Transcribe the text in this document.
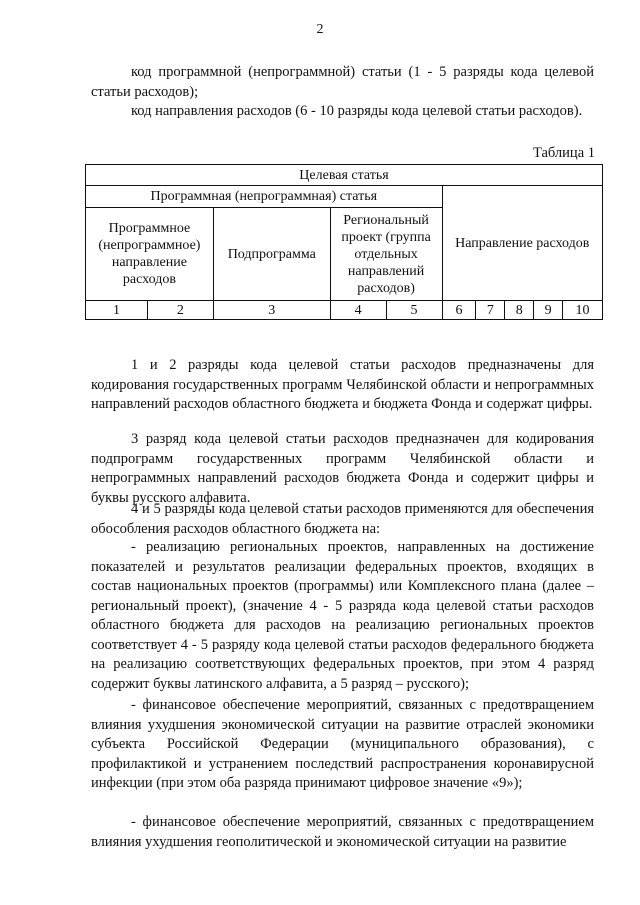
2

код программной (непрограммной) статьи (1 - 5 разряды кода целевой статьи расходов);

код направления расходов (6 - 10 разряды кода целевой статьи расходов).

Таблица 1
Целевая статья									
Программная (непрограммная) статья					Направление расходов				
Программное (непрограммное) направление расходов		Подпрограмма	Региональный проект (группа отдельных направлений расходов)						
1	2	3	4	5	6	7	8	9	10

1 и 2 разряды кода целевой статьи расходов предназначены для кодирования государственных программ Челябинской области и непрограммных направлений расходов областного бюджета и бюджета Фонда и содержат цифры.

3 разряд кода целевой статьи расходов предназначен для кодирования подпрограмм государственных программ Челябинской области и непрограммных направлений расходов бюджета Фонда и содержит цифры и буквы русского алфавита.

4 и 5 разряды кода целевой статьи расходов применяются для обеспечения обособления расходов областного бюджета на:

- реализацию региональных проектов, направленных на достижение показателей и результатов реализации федеральных проектов, входящих в состав национальных проектов (программы) или Комплексного плана (далее – региональный проект), (значение 4 - 5 разряда кода целевой статьи расходов областного бюджета для расходов на реализацию региональных проектов соответствует 4 - 5 разряду кода целевой статьи расходов федерального бюджета на реализацию соответствующих федеральных проектов, при этом 4 разряд содержит буквы латинского алфавита, а 5 разряд – русского);

- финансовое обеспечение мероприятий, связанных с предотвращением влияния ухудшения экономической ситуации на развитие отраслей экономики субъекта Российской Федерации (муниципального образования), с профилактикой и устранением последствий распространения коронавирусной инфекции (при этом оба разряда принимают цифровое значение «9»);

- финансовое обеспечение мероприятий, связанных с предотвращением влияния ухудшения геополитической и экономической ситуации на развитие
